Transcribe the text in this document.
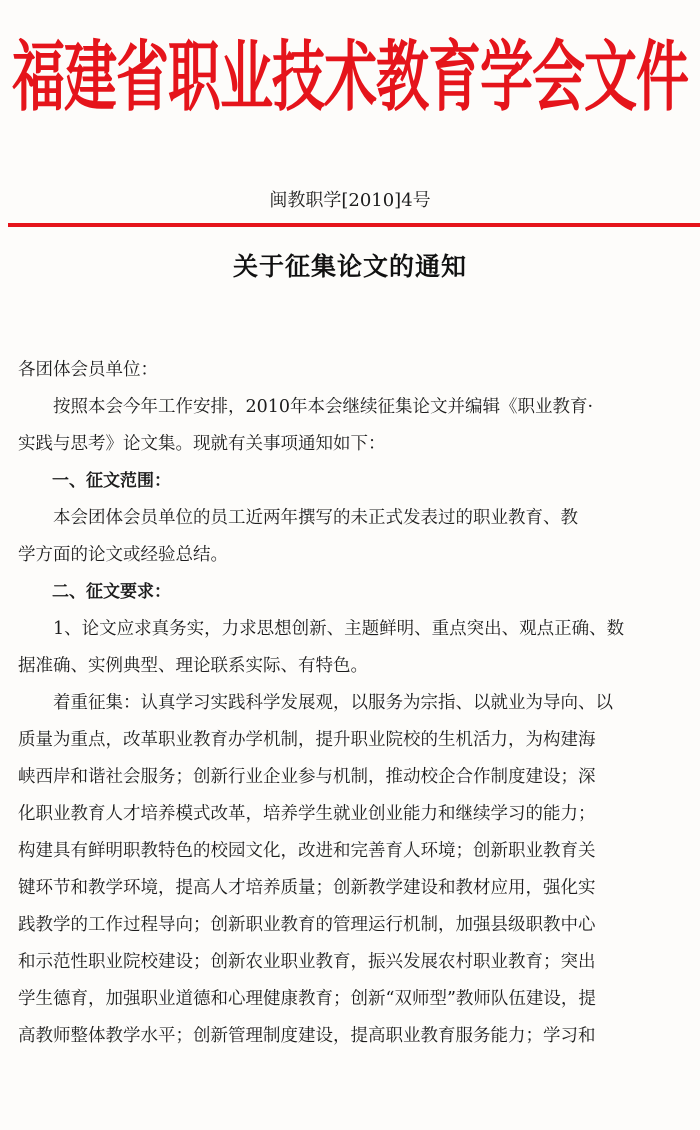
福建省职业技术教育学会文件
闽教职学[2010]4号
关于征集论文的通知

各团体会员单位：

按照本会今年工作安排，2010年本会继续征集论文并编辑《职业教育·
实践与思考》论文集。现就有关事项通知如下：

一、征文范围：

本会团体会员单位的员工近两年撰写的未正式发表过的职业教育、教
学方面的论文或经验总结。

二、征文要求：

1、论文应求真务实，力求思想创新、主题鲜明、重点突出、观点正确、数
据准确、实例典型、理论联系实际、有特色。

着重征集：认真学习实践科学发展观，以服务为宗指、以就业为导向、以
质量为重点，改革职业教育办学机制，提升职业院校的生机活力，为构建海
峡西岸和谐社会服务；创新行业企业参与机制，推动校企合作制度建设；深
化职业教育人才培养模式改革，培养学生就业创业能力和继续学习的能力；
构建具有鲜明职教特色的校园文化，改进和完善育人环境；创新职业教育关
键环节和教学环境，提高人才培养质量；创新教学建设和教材应用，强化实
践教学的工作过程导向；创新职业教育的管理运行机制，加强县级职教中心
和示范性职业院校建设；创新农业职业教育，振兴发展农村职业教育；突出
学生德育，加强职业道德和心理健康教育；创新“双师型”教师队伍建设，提
高教师整体教学水平；创新管理制度建设，提高职业教育服务能力；学习和
